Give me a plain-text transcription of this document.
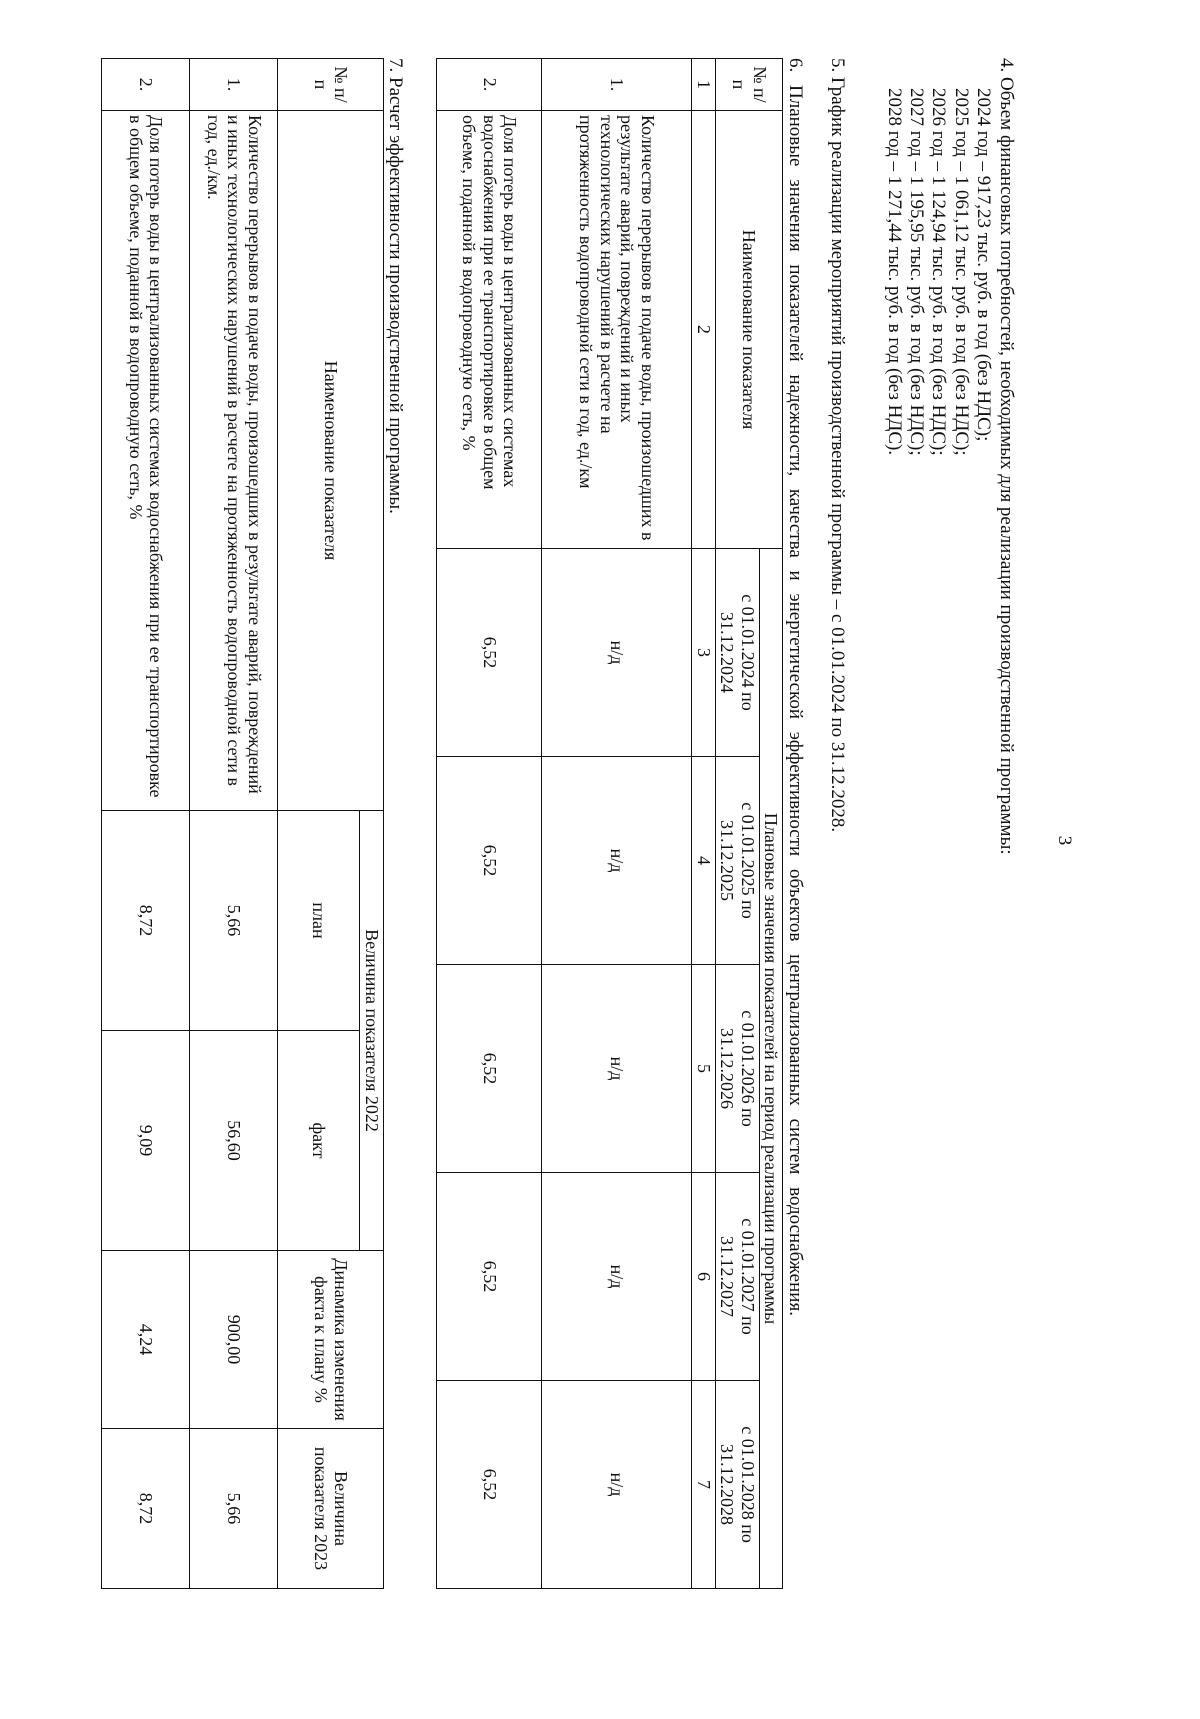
3

4. Объем финансовых потребностей, необходимых для реализации производственной программы:

2024 год – 917,23 тыс. руб. в год (без НДС);

2025 год – 1 061,12 тыс. руб. в год (без НДС);

2026 год – 1 124,94 тыс. руб. в год (без НДС);

2027 год – 1 195,95 тыс. руб. в год (без НДС);

2028 год – 1 271,44 тыс. руб. в год (без НДС).

5. График реализации мероприятий производственной программы – с 01.01.2024 по 31.12.2028.

6. Плановые значения показателей надежности, качества и энергетической эффективности объектов централизованных систем водоснабжения.

№ п/п	Наименование показателя	Плановые значения показателей на период реализации программы				
		с 01.01.2024 по 31.12.2024	с 01.01.2025 по 31.12.2025	с 01.01.2026 по 31.12.2026	с 01.01.2027 по 31.12.2027	с 01.01.2028 по 31.12.2028
1	2	3	4	5	6	7
1.	Количество перерывов в подаче воды, произошедших в результате аварий, повреждений и иных технологических нарушений в расчете на протяженность водопроводной сети в год, ед./км	н/д	н/д	н/д	н/д	н/д
2.	Доля потерь воды в централизованных системах водоснабжения при ее транспортировке в общем объеме, поданной в водопроводную сеть, %	6,52	6,52	6,52	6,52	6,52

7. Расчет эффективности производственной программы.

№ п/п	Наименование показателя	Величина показателя 2022		Динамика изменения факта к плану %	Величина показателя 2023
		план	факт		
1.	Количество перерывов в подаче воды, произошедших в результате аварий, повреждений и иных технологических нарушений в расчете на протяженность водопроводной сети в год, ед./км.	5,66	56,60	900,00	5,66
2.	Доля потерь воды в централизованных системах водоснабжения при ее транспортировке в общем объеме, поданной в водопроводную сеть, %	8,72	9,09	4,24	8,72
